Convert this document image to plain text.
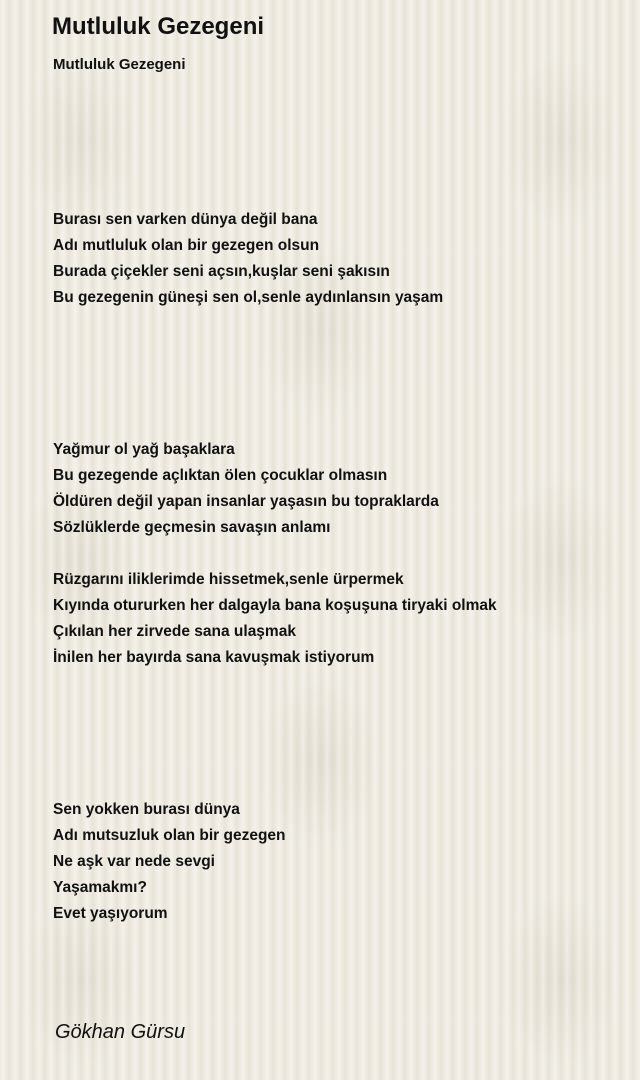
Mutluluk Gezegeni
Mutluluk Gezegeni
Burası sen varken dünya değil bana
Adı mutluluk olan bir gezegen olsun
Burada çiçekler seni açsın,kuşlar seni şakısın
Bu gezegenin güneşi sen ol,senle aydınlansın yaşam
Yağmur ol yağ başaklara
Bu gezegende açlıktan ölen çocuklar olmasın
Öldüren değil yapan insanlar yaşasın bu topraklarda
Sözlüklerde geçmesin savaşın anlamı
Rüzgarını iliklerimde hissetmek,senle ürpermek
Kıyında otururken her dalgayla bana koşuşuna tiryaki olmak
Çıkılan her zirvede sana ulaşmak
İnilen her bayırda sana kavuşmak istiyorum
Sen yokken burası dünya
Adı mutsuzluk olan bir gezegen
Ne aşk var nede sevgi
Yaşamakmı?
Evet yaşıyorum
Gökhan Gürsu
